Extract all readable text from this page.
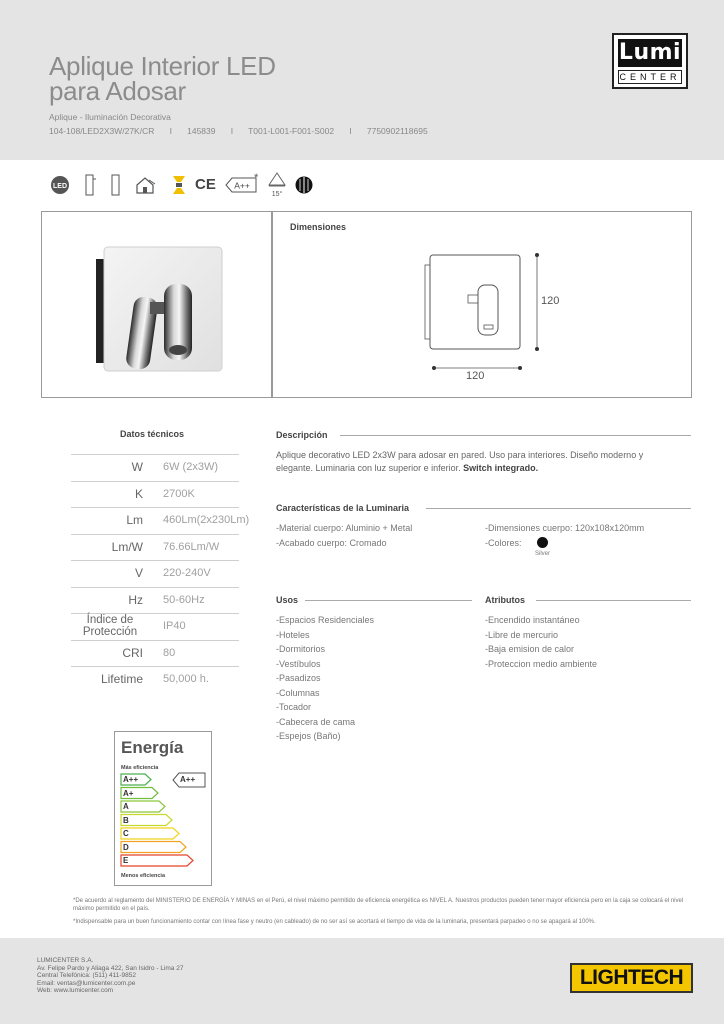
Aplique Interior LED
para Adosar
Aplique - Iluminación Decorativa
104-108/LED2X3W/27K/CR I 145839 I T001-L001-F001-S002 I 7750902118695
Lumi
CENTER
LED	CE A++
*
15°
Dimensiones
120
120
Datos técnicos
W 6W (2x3W)
K 2700K
Lm 460Lm(2x230Lm)
Lm/W 76.66Lm/W
V 220-240V
Hz 50-60Hz
Índice de Protección	IP40
CRI 80
Lifetime 50,000 h.
Descripción
Aplique decorativo LED 2x3W para adosar en pared. Uso para interiores. Diseño moderno y elegante. Luminaria con luz superior e inferior. Switch integrado.
Características de la Luminaria
-Material cuerpo: Aluminio + Metal
-Acabado cuerpo: Cromado
-Dimensiones cuerpo: 120x108x120mm
-Colores:
Silver
Usos
-Espacios Residenciales
-Hoteles
-Dormitorios
-Vestíbulos
-Pasadizos
-Columnas
-Tocador
-Cabecera de cama
-Espejos (Baño)
Atributos
-Encendido instantáneo
-Libre de mercurio
-Baja emision de calor
-Proteccion medio ambiente
Energía
Más eficiencia
A++
A++
A+
A
B
C
D
E
Menos eficiencia
*De acuerdo al reglamento del MINISTERIO DE ENERGÍA Y MINAS en el Perú, el nivel máximo permitido de eficiencia energética es NIVEL A. Nuestros productos pueden tener mayor eficiencia pero en la caja se colocará el nivel máximo permitido en el país.
*Indispensable para un buen funcionamiento contar con línea fase y neutro (en cableado) de no ser así se acortará el tiempo de vida de la luminaria, presentará parpadeo o no se apagará al 100%.
LUMICENTER S.A.
Av. Felipe Pardo y Aliaga 422, San Isidro - Lima 27
Central Telefónica: (511) 411-9852
Email: ventas@lumicenter.com.pe
Web: www.lumicenter.com
LIGHTECH
